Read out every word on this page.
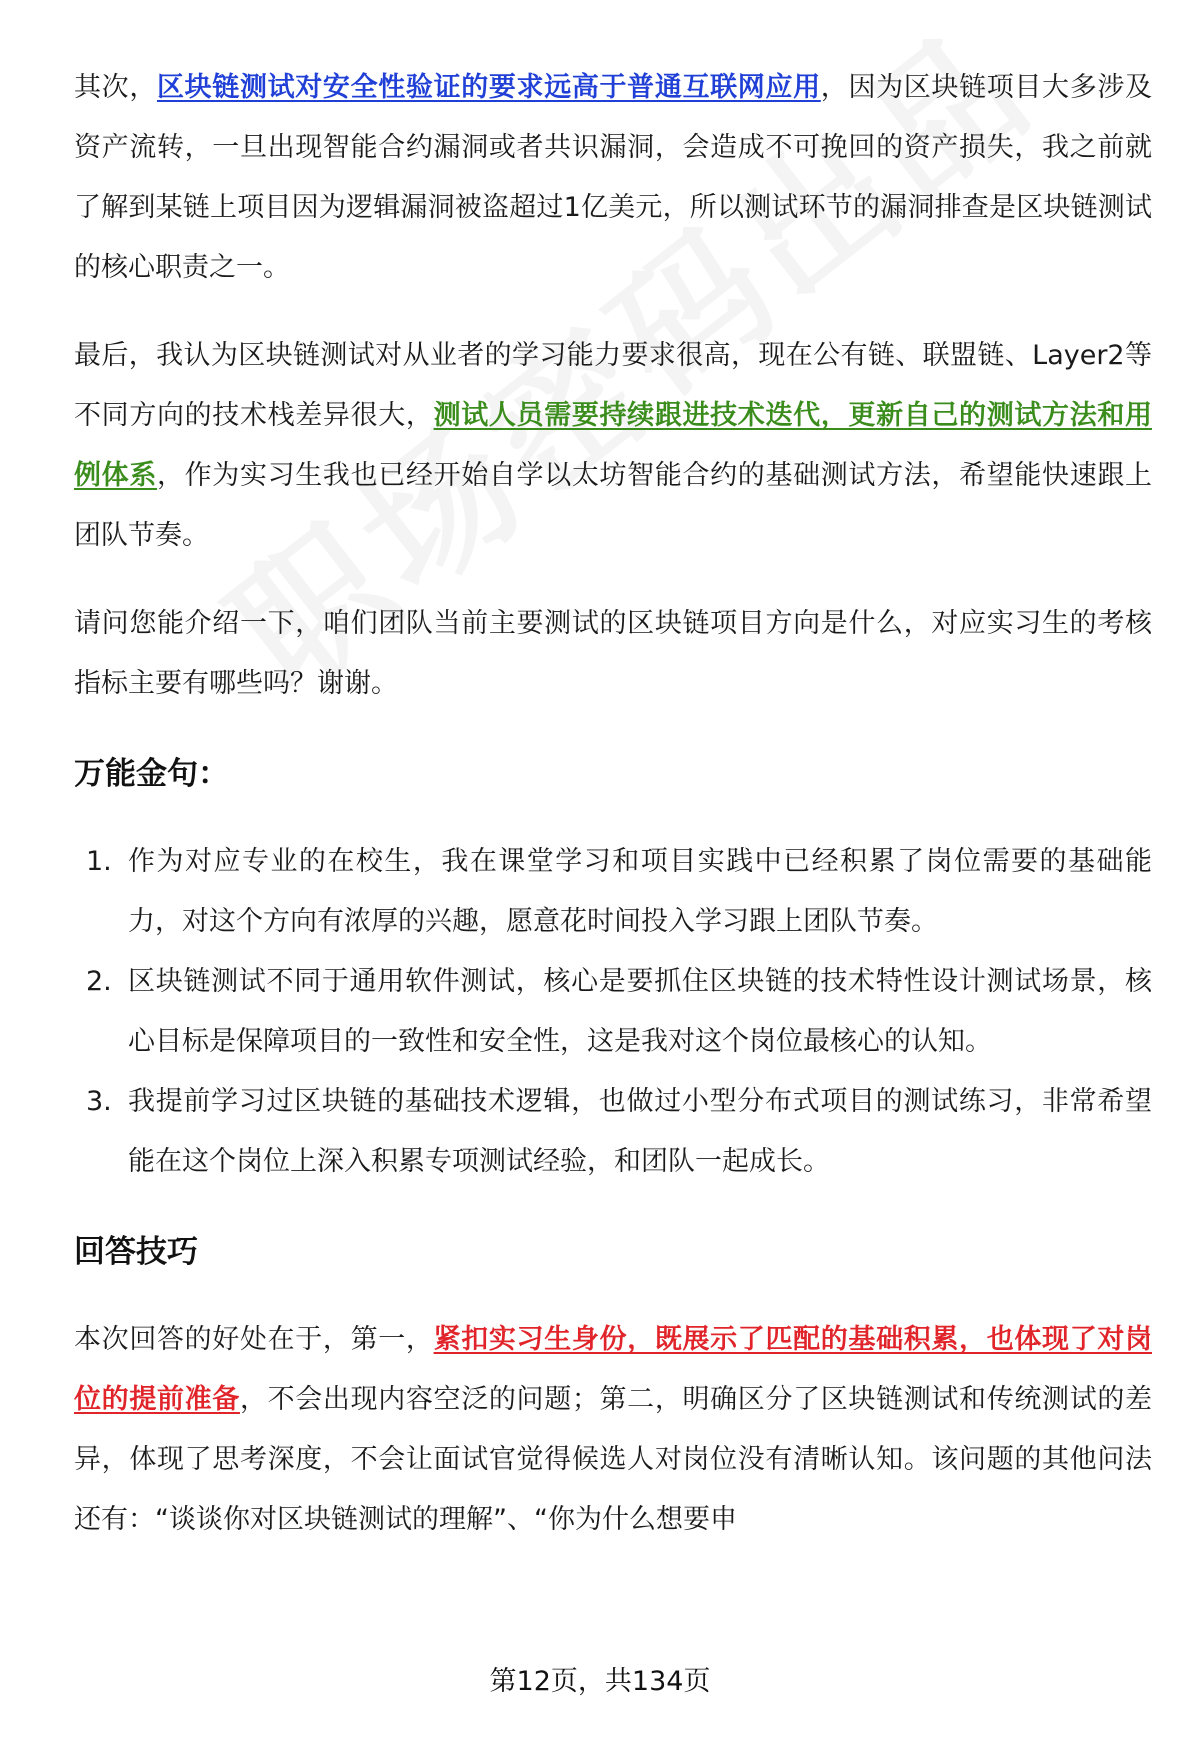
其次，区块链测试对安全性验证的要求远高于普通互联网应用，因为区块链项目大多涉及资产流转，一旦出现智能合约漏洞或者共识漏洞，会造成不可挽回的资产损失，我之前就了解到某链上项目因为逻辑漏洞被盗超过1亿美元，所以测试环节的漏洞排查是区块链测试的核心职责之一。

最后，我认为区块链测试对从业者的学习能力要求很高，现在公有链、联盟链、Layer2等不同方向的技术栈差异很大，测试人员需要持续跟进技术迭代，更新自己的测试方法和用例体系，作为实习生我也已经开始自学以太坊智能合约的基础测试方法，希望能快速跟上团队节奏。

请问您能介绍一下，咱们团队当前主要测试的区块链项目方向是什么，对应实习生的考核指标主要有哪些吗？谢谢。

万能金句：
1. 作为对应专业的在校生，我在课堂学习和项目实践中已经积累了岗位需要的基础能力，对这个方向有浓厚的兴趣，愿意花时间投入学习跟上团队节奏。
2. 区块链测试不同于通用软件测试，核心是要抓住区块链的技术特性设计测试场景，核心目标是保障项目的一致性和安全性，这是我对这个岗位最核心的认知。
3. 我提前学习过区块链的基础技术逻辑，也做过小型分布式项目的测试练习，非常希望能在这个岗位上深入积累专项测试经验，和团队一起成长。
回答技巧

本次回答的好处在于，第一，紧扣实习生身份，既展示了匹配的基础积累，也体现了对岗位的提前准备，不会出现内容空泛的问题；第二，明确区分了区块链测试和传统测试的差异，体现了思考深度，不会让面试官觉得候选人对岗位没有清晰认知。该问题的其他问法还有：“谈谈你对区块链测试的理解”、“你为什么想要申

第12页，共134页
